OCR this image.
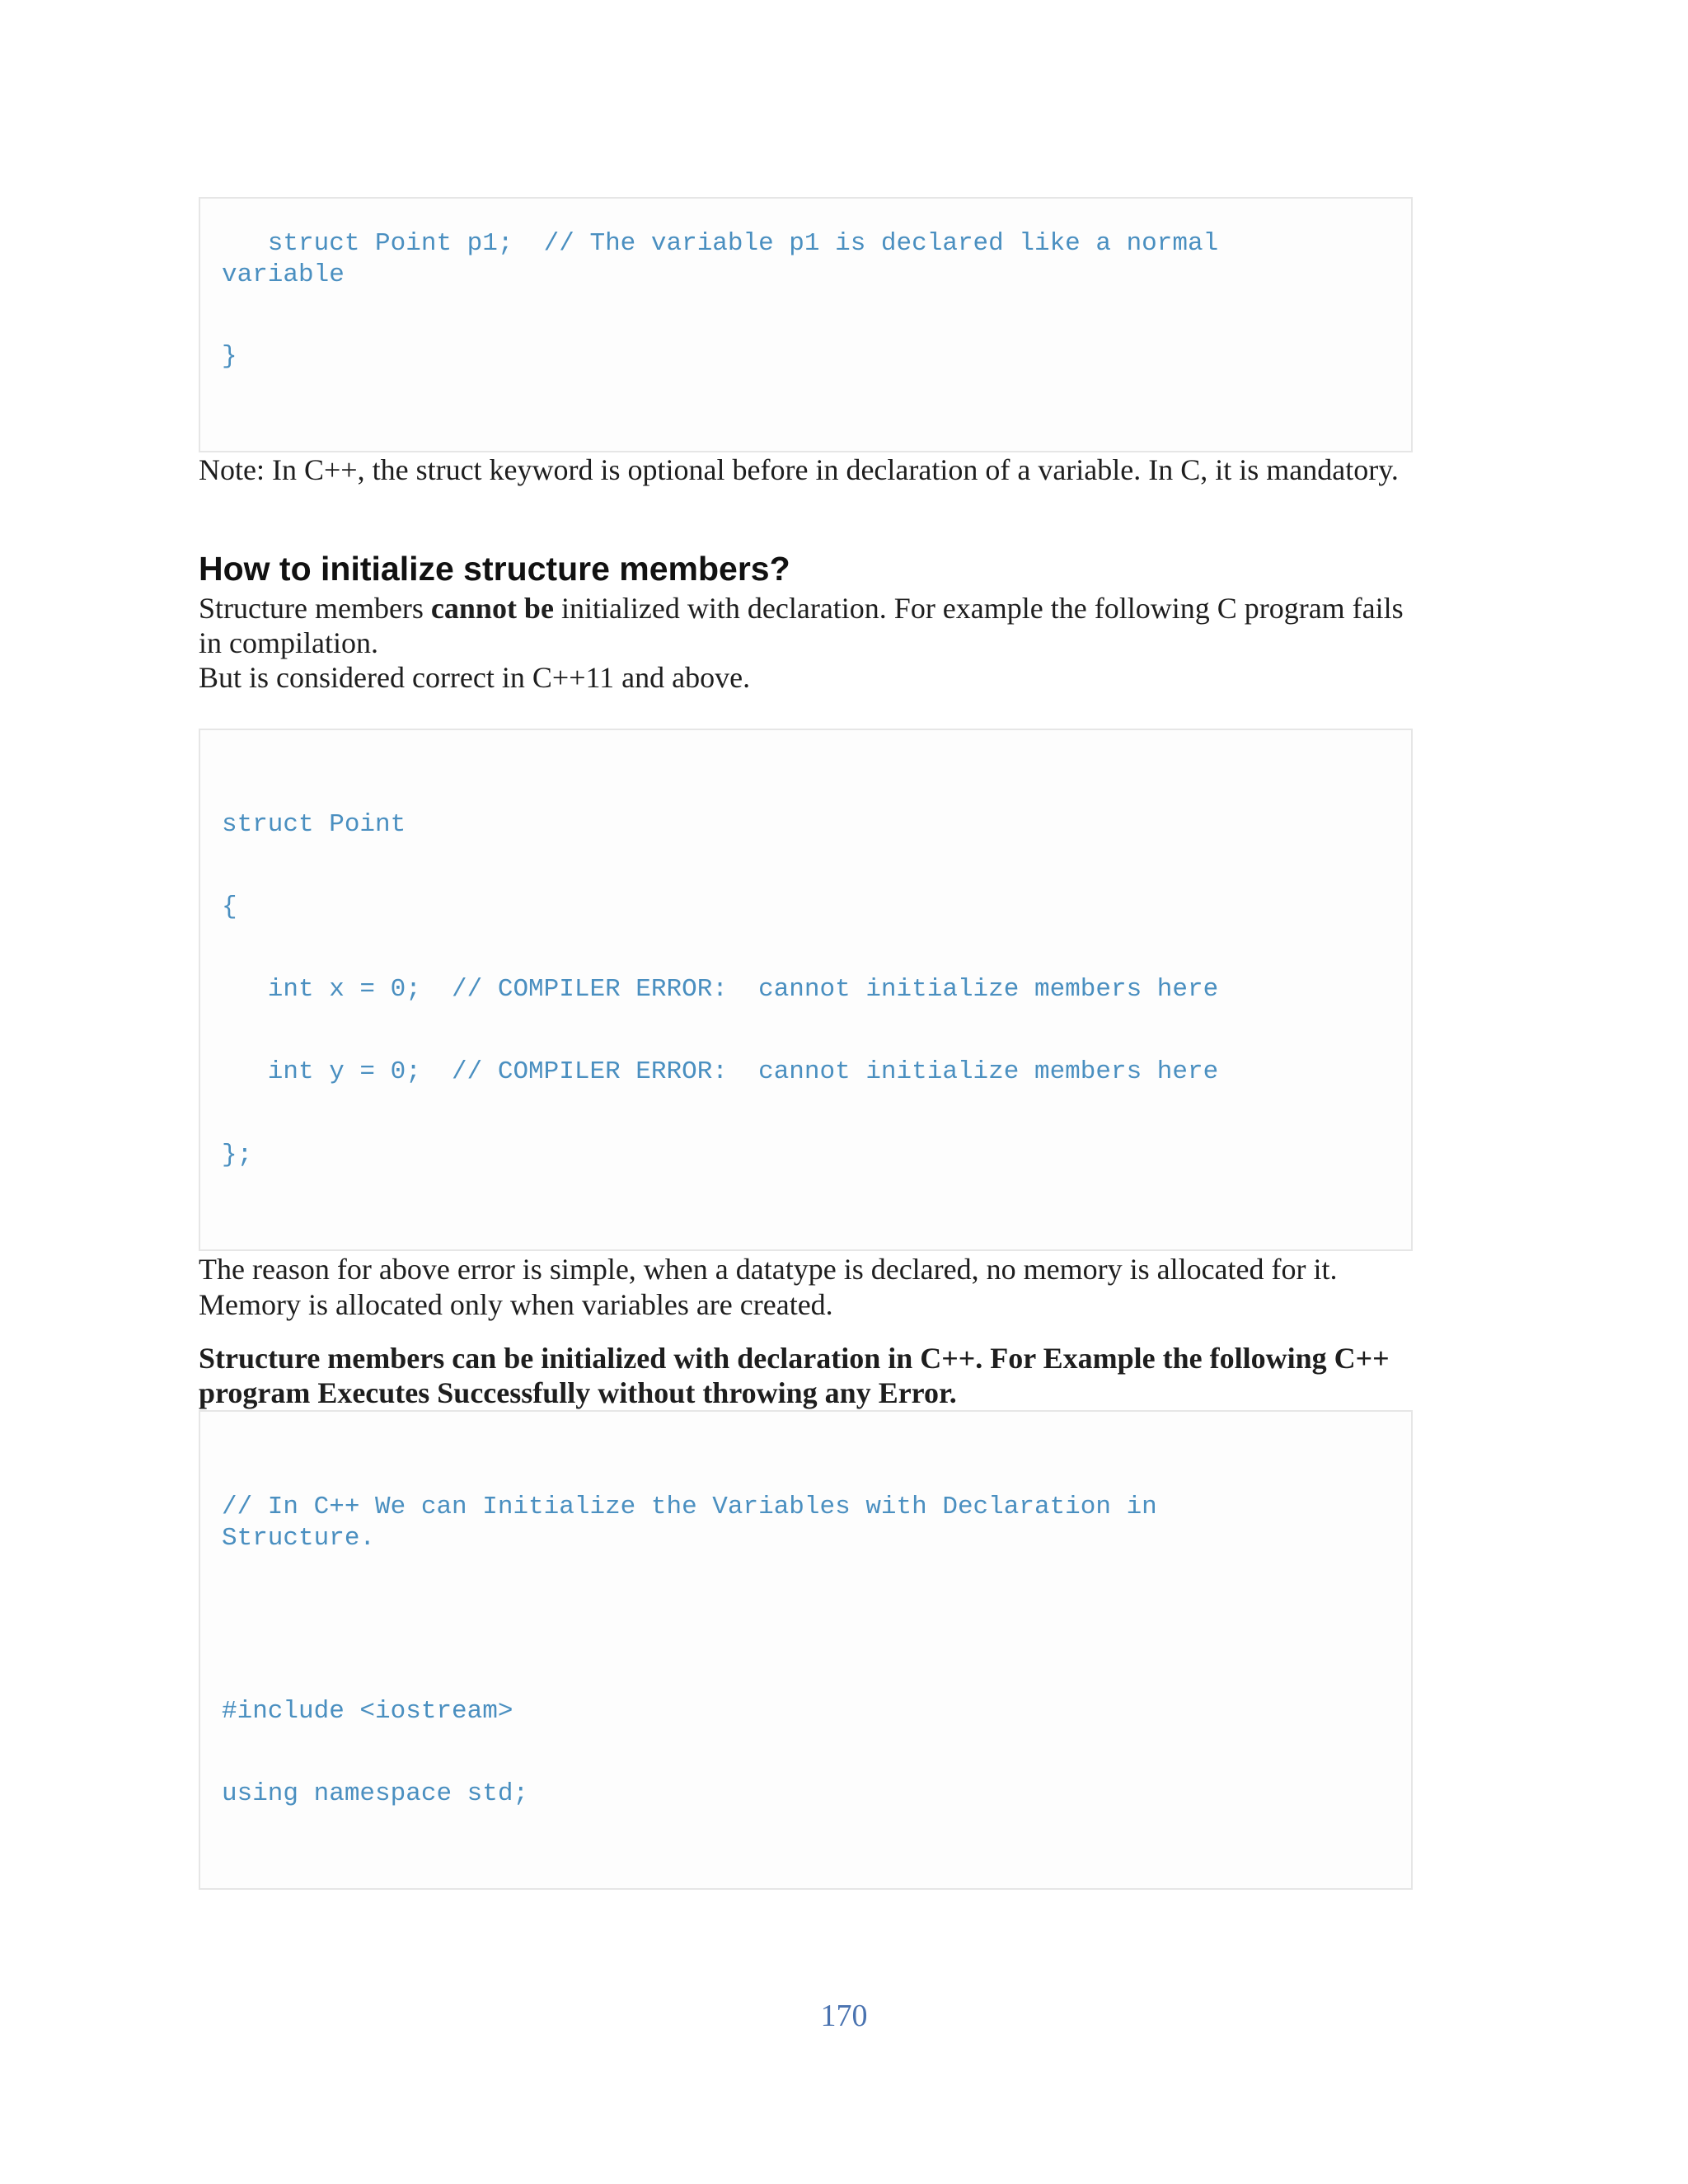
struct Point p1;  // The variable p1 is declared like a normal
variable
}
Note: In C++, the struct keyword is optional before in declaration of a variable. In C, it is mandatory.
How to initialize structure members?
Structure members cannot be initialized with declaration. For example the following C program fails
in compilation.
But is considered correct in C++11 and above.
struct Point
{
int x = 0;  // COMPILER ERROR:  cannot initialize members here
int y = 0;  // COMPILER ERROR:  cannot initialize members here
};
The reason for above error is simple, when a datatype is declared, no memory is allocated for it.
Memory is allocated only when variables are created.
Structure members can be initialized with declaration in C++. For Example the following C++
program Executes Successfully without throwing any Error.
// In C++ We can Initialize the Variables with Declaration in
Structure.
#include <iostream>
using namespace std;
170
